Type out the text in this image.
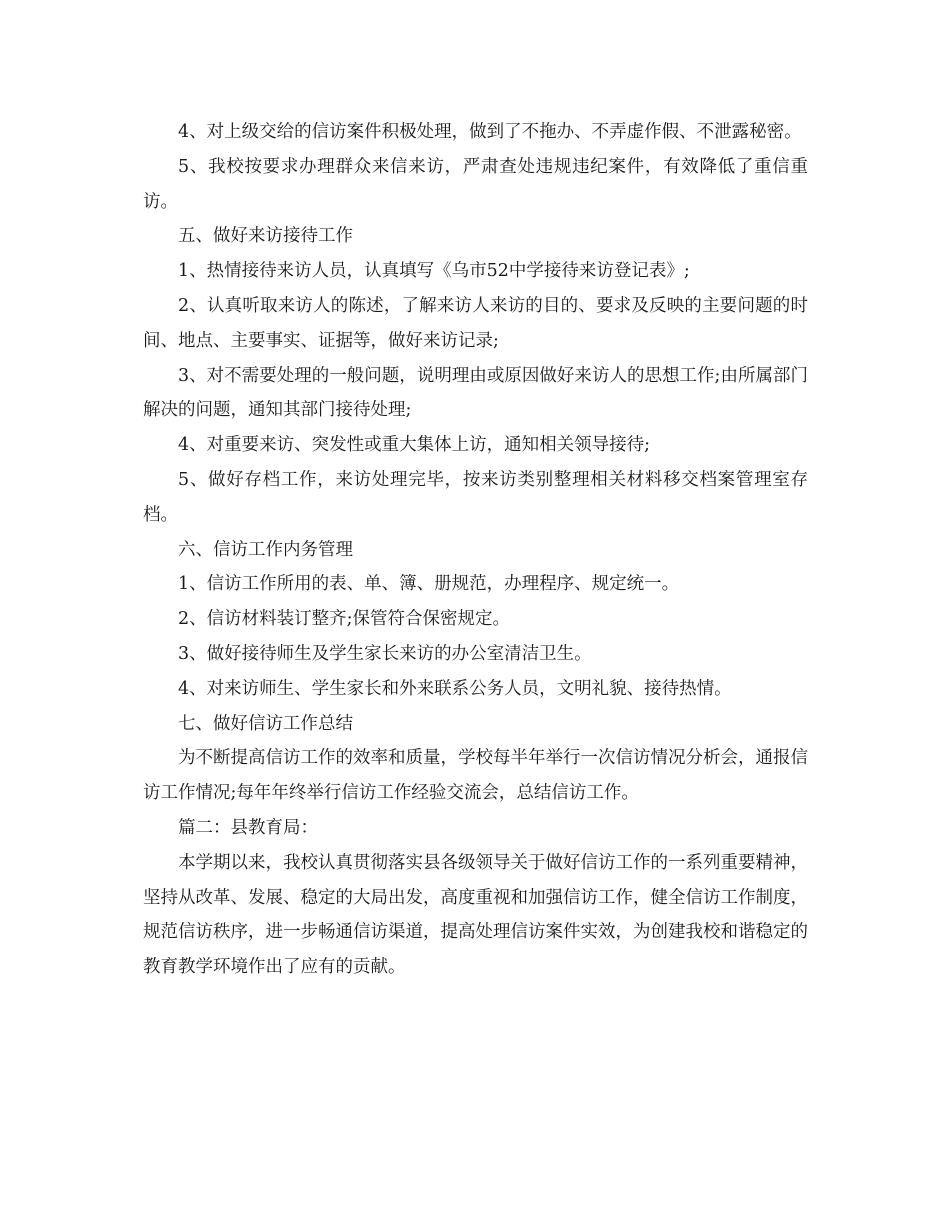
4、对上级交给的信访案件积极处理，做到了不拖办、不弄虚作假、不泄露秘密。

5、我校按要求办理群众来信来访，严肃查处违规违纪案件，有效降低了重信重访。

五、做好来访接待工作

1、热情接待来访人员，认真填写《乌市52中学接待来访登记表》;

2、认真听取来访人的陈述，了解来访人来访的目的、要求及反映的主要问题的时间、地点、主要事实、证据等，做好来访记录;

3、对不需要处理的一般问题，说明理由或原因做好来访人的思想工作;由所属部门解决的问题，通知其部门接待处理;

4、对重要来访、突发性或重大集体上访，通知相关领导接待;

5、做好存档工作，来访处理完毕，按来访类别整理相关材料移交档案管理室存档。

六、信访工作内务管理

1、信访工作所用的表、单、簿、册规范，办理程序、规定统一。

2、信访材料装订整齐;保管符合保密规定。

3、做好接待师生及学生家长来访的办公室清洁卫生。

4、对来访师生、学生家长和外来联系公务人员，文明礼貌、接待热情。

七、做好信访工作总结

为不断提高信访工作的效率和质量，学校每半年举行一次信访情况分析会，通报信访工作情况;每年年终举行信访工作经验交流会，总结信访工作。

篇二：县教育局：

本学期以来，我校认真贯彻落实县各级领导关于做好信访工作的一系列重要精神，坚持从改革、发展、稳定的大局出发，高度重视和加强信访工作，健全信访工作制度，规范信访秩序，进一步畅通信访渠道，提高处理信访案件实效，为创建我校和谐稳定的教育教学环境作出了应有的贡献。
